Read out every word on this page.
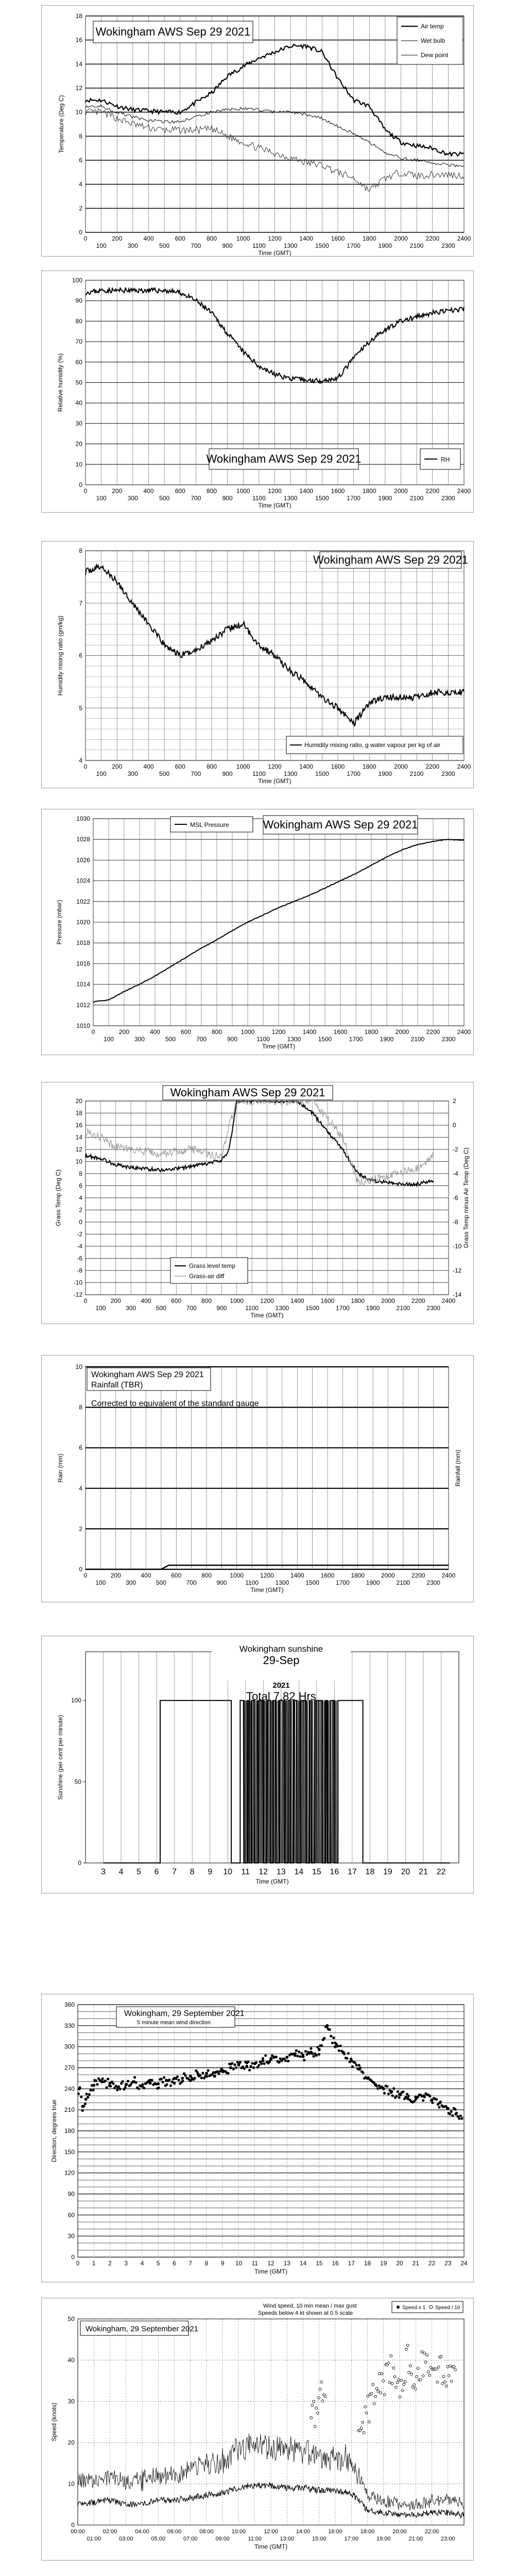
0
2
4
6
8
10
12
14
16
18
Wokingham AWS Sep 29 2021	Air temp
Wet bulb
Dew point
0	200	400	600	800	1000	1200	1400	1600	1800	2000	2200	2400
100	300	500	700	900	1100	1300	1500	1700	1900	2100	2300
Time (GMT)
Temperature (Deg C)
0
10
20
30
40
50
60
70
80
90
100
Wokingham AWS Sep 29 2021	RH
0	200	400	600	800	1000	1200	1400	1600	1800	2000	2200	2400
100	300	500	700	900	1100	1300	1500	1700	1900	2100	2300
Time (GMT)
Relative humidity (%)
4
5
6
7
8
Wokingham AWS Sep 29 2021
Humidity mixing ratio, g water vapour per kg of air
0	200	400	600	800	1000	1200	1400	1600	1800	2000	2200	2400
100	300	500	700	900	1100	1300	1500	1700	1900	2100	2300
Time (GMT)
Humidity mixing ratio (gm/kg)
1010
1012
1014
1016
1018
1020
1022
1024
1026
1028
1030
MSL Pressure	Wokingham AWS Sep 29 2021
0	200	400	600	800	1000	1200	1400	1600	1800	2000	2200	2400
100	300	500	700	900	1100	1300	1500	1700	1900	2100	2300
Time (GMT)
Pressure (mbar)
-12
-10
-8
-6
-4
-2
0
2
4
6
8
10
12
14
16
18
20
-14
-12
-10
-8
-6
-4
-2
0
2
Wokingham AWS Sep 29 2021
Grass level temp
Grass-air diff
0	200	400	600	800	1000	1200	1400	1600	1800	2000	2200	2400
100	300	500	700	900	1100	1300	1500	1700	1900	2100	2300
Time (GMT)
Grass Temp (Deg C)	Grass Temp minus Air Temp (Deg C)
0
2
4
6
8
10
Wokingham AWS Sep 29 2021
Rainfall (TBR)
Corrected to equivalent of the standard gauge
0	200	400	600	800	1000	1200	1400	1600	1800	2000	2200	2400
100	300	500	700	900	1100	1300	1500	1700	1900	2100	2300
Time (GMT)
Rain (mm)	Rainfall (mm)
0
50
100
3 4 5 6 7 8 9 10 11 12 13 14 15 16 17 18 19 20 21 22
Time (GMT)
Sunshine (per cent per minute)
Wokingham sunshine
29-Sep
2021
Total 7.82 Hrs
0
30
60
90
120
150
180
210
240
270
300
330
360
0 1 2 3 4 5 6 7 8 9 10 11 12 13 14 15 16 17 18 19 20 21 22 23 24
Time (GMT)
Direction, degrees true
Wokingham, 29 September 2021
5 minute mean wind direction
0
10
20
30
40
50
00:00	02:00	04:00	06:00	08:00	10:00	12:00	14:00	16:00	18:00	20:00	22:00
01:00	03:00	05:00	07:00	09:00	11:00	13:00	15:00	17:00	19:00	21:00	23:00
Time (GMT)
Speed (knots)
Wokingham, 29 September 2021
Wind speed, 10 min mean / max gust
Speeds below 4 kt shown at 0.5 scale
Speed x 1 Speed / 10
